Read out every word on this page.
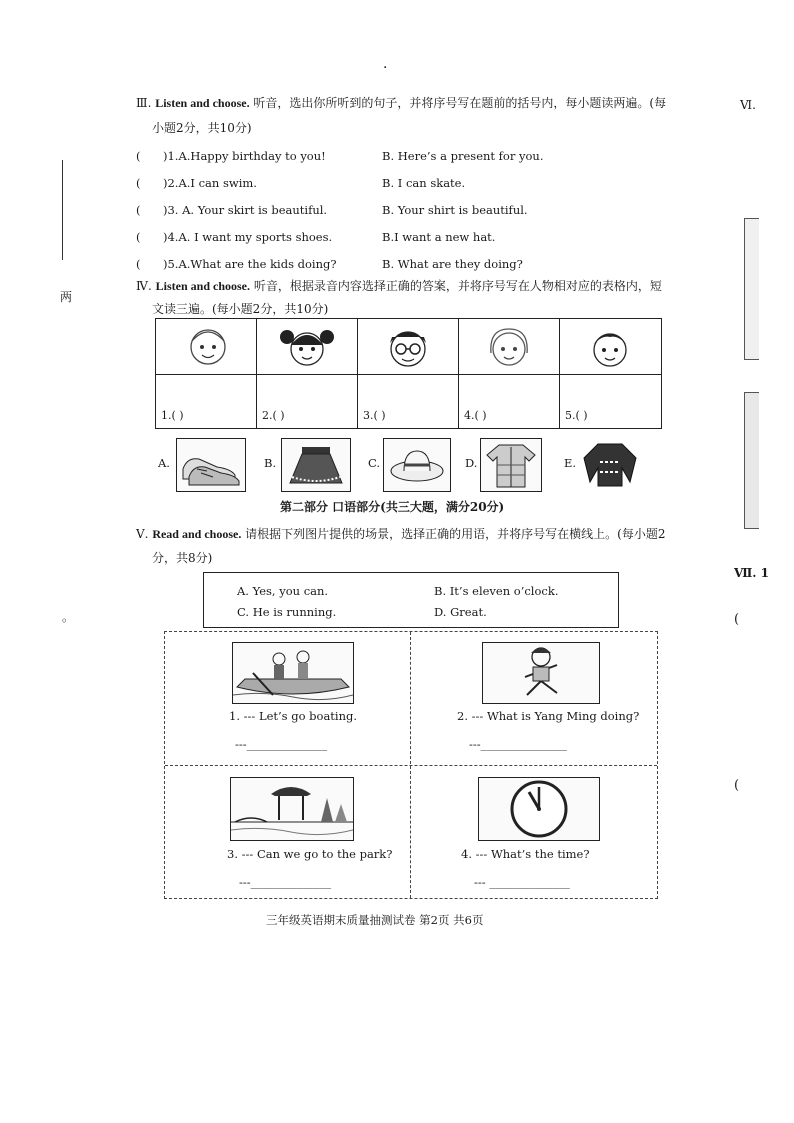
·
两
。
Ⅵ.
Ⅶ. 1
(
(
Ⅲ. Listen and choose. 听音，选出你所听到的句子，并将序号写在题前的括号内，每小题读两遍。(每
小题2分，共10分)
( )1.A.Happy birthday to you!	B. Here’s a present for you.
( )2.A.I can swim.	B. I can skate.
( )3. A. Your skirt is beautiful.	B. Your shirt is beautiful.
( )4.A. I want my sports shoes.	B.I want a new hat.
( )5.A.What are the kids doing?	B. What are they doing?
Ⅳ. Listen and choose. 听音，根据录音内容选择正确的答案，并将序号写在人物相对应的表格内，短
文读三遍。(每小题2分，共10分)
1.( )	2.( )	3.( )	4.( )	5.( )
A.	B.	C.	D.	E.
第二部分 口语部分(共三大题，满分20分)
Ⅴ. Read and choose. 请根据下列图片提供的场景，选择正确的用语，并将序号写在横线上。(每小题2
分，共8分)
A. Yes, you can.	B. It’s eleven o’clock.
C. He is running.	D. Great.
1. --- Let’s go boating.
---______________
2. --- What is Yang Ming doing?
---_______________
3. --- Can we go to the park?
---______________
4. --- What’s the time?
--- ______________
三年级英语期末质量抽测试卷 第2页 共6页
